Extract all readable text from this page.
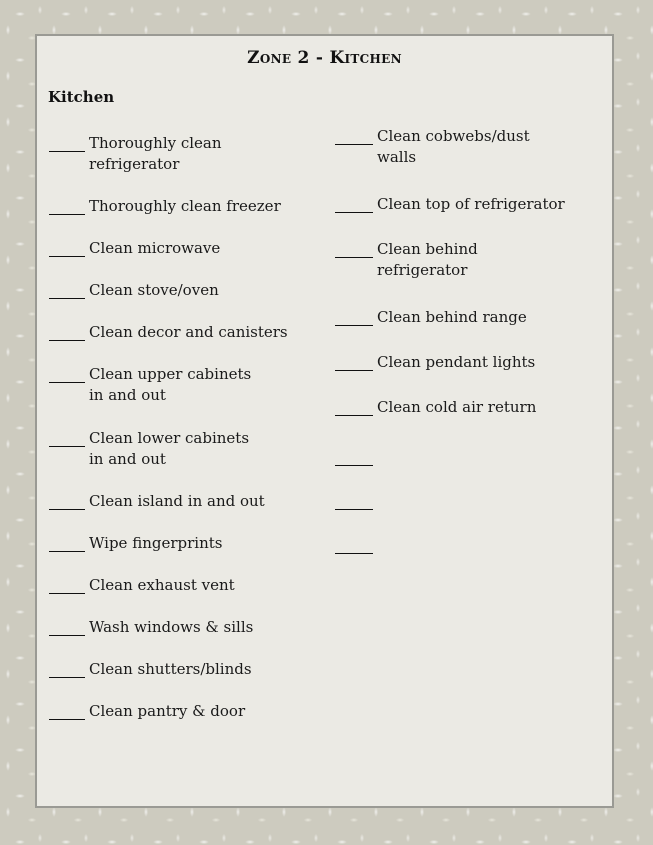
Zone 2 - Kitchen
Kitchen
Thoroughly clean
refrigerator
Thoroughly clean freezer
Clean microwave
Clean stove/oven
Clean decor and canisters
Clean upper cabinets
in and out
Clean lower cabinets
in and out
Clean island in and out
Wipe fingerprints
Clean exhaust vent
Wash windows & sills
Clean shutters/blinds
Clean pantry & door
Clean cobwebs/dust
walls
Clean top of refrigerator
Clean behind
refrigerator
Clean behind range
Clean pendant lights
Clean cold air return
